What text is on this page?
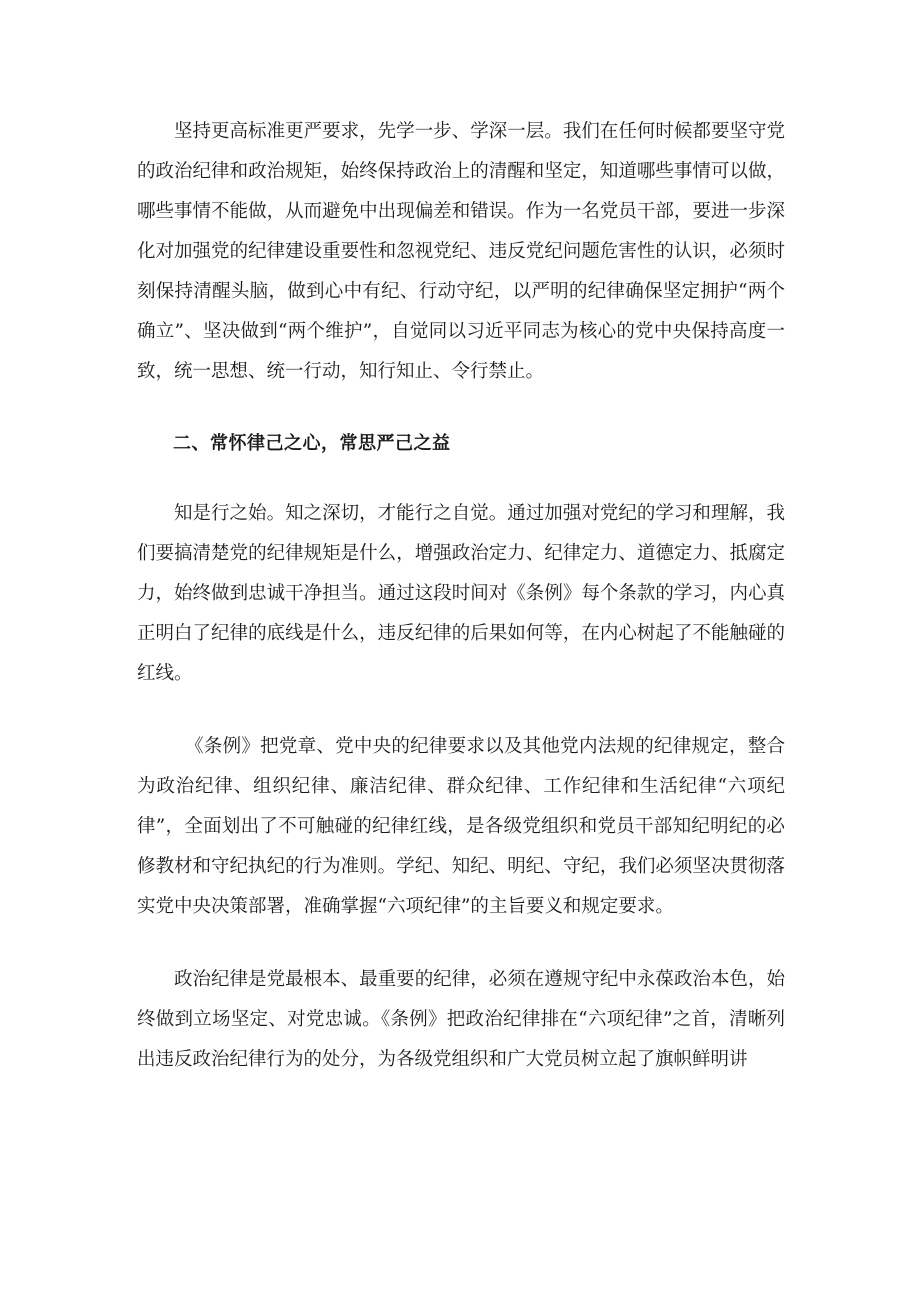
坚持更高标准更严要求，先学一步、学深一层。我们在任何时候都要坚守党的政治纪律和政治规矩，始终保持政治上的清醒和坚定，知道哪些事情可以做，哪些事情不能做，从而避免中出现偏差和错误。作为一名党员干部，要进一步深化对加强党的纪律建设重要性和忽视党纪、违反党纪问题危害性的认识，必须时刻保持清醒头脑，做到心中有纪、行动守纪，以严明的纪律确保坚定拥护“两个确立”、坚决做到“两个维护”，自觉同以习近平同志为核心的党中央保持高度一致，统一思想、统一行动，知行知止、令行禁止。

二、常怀律己之心，常思严己之益

知是行之始。知之深切，才能行之自觉。通过加强对党纪的学习和理解，我们要搞清楚党的纪律规矩是什么，增强政治定力、纪律定力、道德定力、抵腐定力，始终做到忠诚干净担当。通过这段时间对《条例》每个条款的学习，内心真正明白了纪律的底线是什么，违反纪律的后果如何等，在内心树起了不能触碰的红线。

《条例》把党章、党中央的纪律要求以及其他党内法规的纪律规定，整合为政治纪律、组织纪律、廉洁纪律、群众纪律、工作纪律和生活纪律“六项纪律”，全面划出了不可触碰的纪律红线，是各级党组织和党员干部知纪明纪的必修教材和守纪执纪的行为准则。学纪、知纪、明纪、守纪，我们必须坚决贯彻落实党中央决策部署，准确掌握“六项纪律”的主旨要义和规定要求。

政治纪律是党最根本、最重要的纪律，必须在遵规守纪中永葆政治本色，始终做到立场坚定、对党忠诚。《条例》把政治纪律排在“六项纪律”之首，清晰列出违反政治纪律行为的处分，为各级党组织和广大党员树立起了旗帜鲜明讲
